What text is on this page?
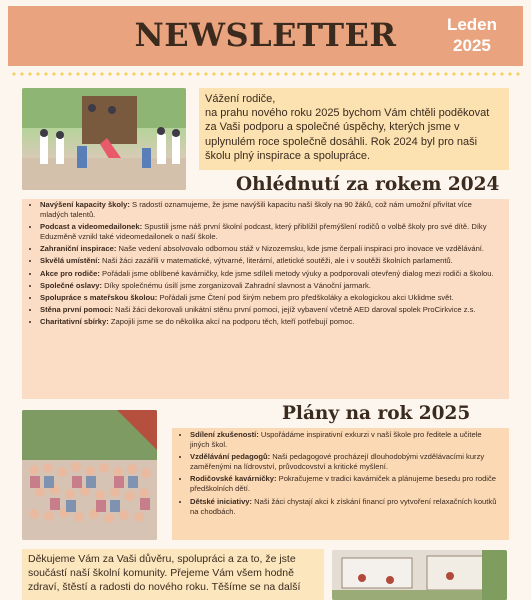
NEWSLETTER	Leden
2025
Vážení rodiče,
na prahu nového roku 2025 bychom Vám chtěli poděkovat za Vaši podporu a společné úspěchy, kterých jsme v uplynulém roce společně dosáhli. Rok 2024 byl pro naši školu plný inspirace a spolupráce.
Ohlédnutí za rokem 2024
• Navýšení kapacity školy: S radostí oznamujeme, že jsme navýšili kapacitu naší školy na 90 žáků, což nám umožní přivítat více mladých talentů.
• Podcast a videomedailonek: Spustili jsme náš první školní podcast, který přiblížil přemýšlení rodičů o volbě školy pro své dítě. Díky Eduzměně vznikl také videomedailonek o naší škole.
• Zahraniční inspirace: Naše vedení absolvovalo odbornou stáž v Nizozemsku, kde jsme čerpali inspiraci pro inovace ve vzdělávání.
• Skvělá umístění: Naši žáci zazářili v matematické, výtvarné, literární, atletické soutěži, ale i v soutěži školních parlamentů.
• Akce pro rodiče: Pořádali jsme oblíbené kavárničky, kde jsme sdíleli metody výuky a podporovali otevřený dialog mezi rodiči a školou.
• Společné oslavy: Díky společnému úsilí jsme zorganizovali Zahradní slavnost a Vánoční jarmark.
• Spolupráce s mateřskou školou: Pořádali jsme Čtení pod širým nebem pro předškoláky a ekologickou akci Uklidme svět.
• Stěna první pomoci: Naši žáci dekorovali unikátní stěnu první pomoci, jejíž vybavení včetně AED daroval spolek ProCirkvice z.s.
• Charitativní sbírky: Zapojili jsme se do několika akcí na podporu těch, kteří potřebují pomoc.
Plány na rok 2025
• Sdílení zkušeností: Uspořádáme inspirativní exkurzi v naší škole pro ředitele a učitele jiných škol.
• Vzdělávání pedagogů: Naši pedagogové procházejí dlouhodobými vzdělávacími kurzy zaměřenými na lídrovství, průvodcovství a kritické myšlení.
• Rodičovské kavárničky: Pokračujeme v tradici kavárniček a plánujeme besedu pro rodiče předškolních dětí.
• Dětské iniciativy: Naši žáci chystají akci k získání financí pro vytvoření relaxačních koutků na chodbách.
Děkujeme Vám za Vaši důvěru, spolupráci a za to, že jste součástí naší školní komunity. Přejeme Vám všem hodně zdraví, štěstí a radosti do nového roku. Těšíme se na další
